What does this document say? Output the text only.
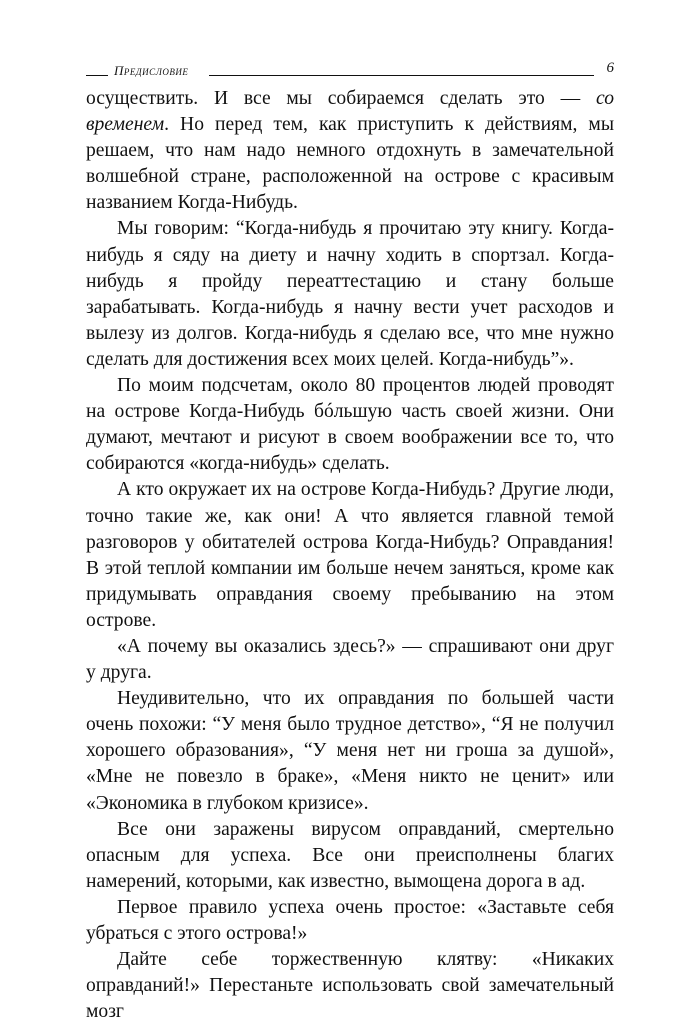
Предисловие	6

осуществить. И все мы собираемся сделать это — со временем. Но перед тем, как приступить к действиям, мы решаем, что нам надо немного отдохнуть в замечательной волшебной стране, расположенной на острове с красивым названием Когда-Нибудь.

Мы говорим: “Когда-нибудь я прочитаю эту книгу. Когда-нибудь я сяду на диету и начну ходить в спортзал. Когда-нибудь я пройду переаттестацию и стану больше зарабатывать. Когда-нибудь я начну вести учет расходов и вылезу из долгов. Когда-нибудь я сделаю все, что мне нужно сделать для достижения всех моих целей. Когда-нибудь”».

По моим подсчетам, около 80 процентов людей проводят на острове Когда-Нибудь бóльшую часть своей жизни. Они думают, мечтают и рисуют в своем воображении все то, что собираются «когда-нибудь» сделать.

А кто окружает их на острове Когда-Нибудь? Другие люди, точно такие же, как они! А что является главной темой разговоров у обитателей острова Когда-Нибудь? Оправдания! В этой теплой компании им больше нечем заняться, кроме как придумывать оправдания своему пребыванию на этом острове.

«А почему вы оказались здесь?» — спрашивают они друг у друга.

Неудивительно, что их оправдания по большей части очень похожи: “У меня было трудное детство», “Я не получил хорошего образования», “У меня нет ни гроша за душой», «Мне не повезло в браке», «Меня никто не ценит» или «Экономика в глубоком кризисе».

Все они заражены вирусом оправданий, смертельно опасным для успеха. Все они преисполнены благих намерений, которыми, как известно, вымощена дорога в ад.

Первое правило успеха очень простое: «Заставьте себя убраться с этого острова!»

Дайте себе торжественную клятву: «Никаких оправданий!» Перестаньте использовать свой замечательный мозг
